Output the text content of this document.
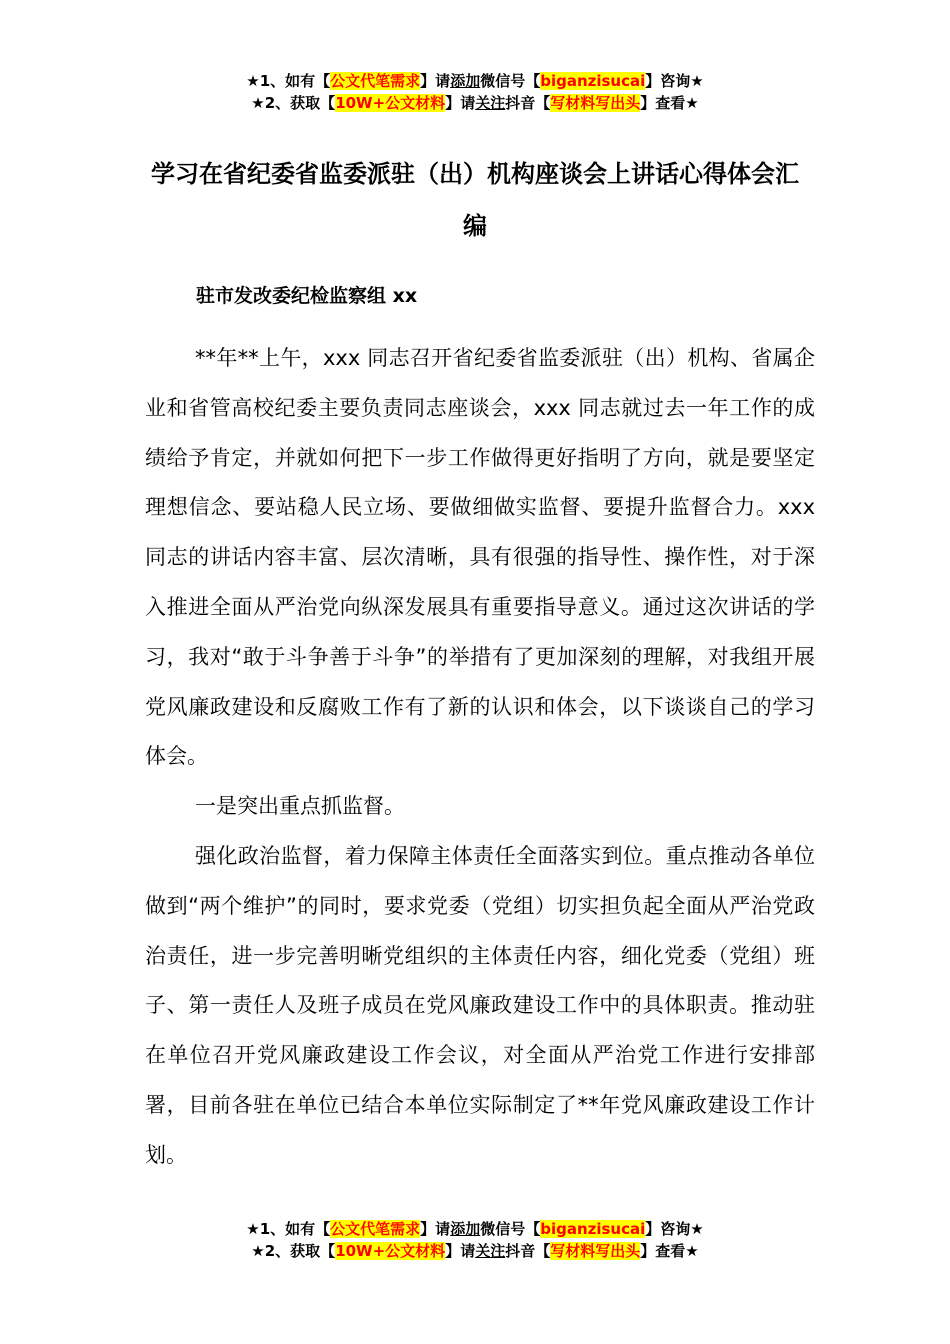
★1、如有【公文代笔需求】请添加微信号【biganzisucai】咨询★
★2、获取【10W+公文材料】请关注抖音【写材料写出头】查看★
学习在省纪委省监委派驻（出）机构座谈会上讲话心得体会汇编
驻市发改委纪检监察组 xx

**年**上午，xxx 同志召开省纪委省监委派驻（出）机构、省属企业和省管高校纪委主要负责同志座谈会，xxx 同志就过去一年工作的成绩给予肯定，并就如何把下一步工作做得更好指明了方向，就是要坚定理想信念、要站稳人民立场、要做细做实监督、要提升监督合力。xxx 同志的讲话内容丰富、层次清晰，具有很强的指导性、操作性，对于深入推进全面从严治党向纵深发展具有重要指导意义。通过这次讲话的学习，我对“敢于斗争善于斗争”的举措有了更加深刻的理解，对我组开展党风廉政建设和反腐败工作有了新的认识和体会，以下谈谈自己的学习体会。

一是突出重点抓监督。

强化政治监督，着力保障主体责任全面落实到位。重点推动各单位做到“两个维护”的同时，要求党委（党组）切实担负起全面从严治党政治责任，进一步完善明晰党组织的主体责任内容，细化党委（党组）班子、第一责任人及班子成员在党风廉政建设工作中的具体职责。推动驻在单位召开党风廉政建设工作会议，对全面从严治党工作进行安排部署，目前各驻在单位已结合本单位实际制定了**年党风廉政建设工作计划。

★1、如有【公文代笔需求】请添加微信号【biganzisucai】咨询★
★2、获取【10W+公文材料】请关注抖音【写材料写出头】查看★
